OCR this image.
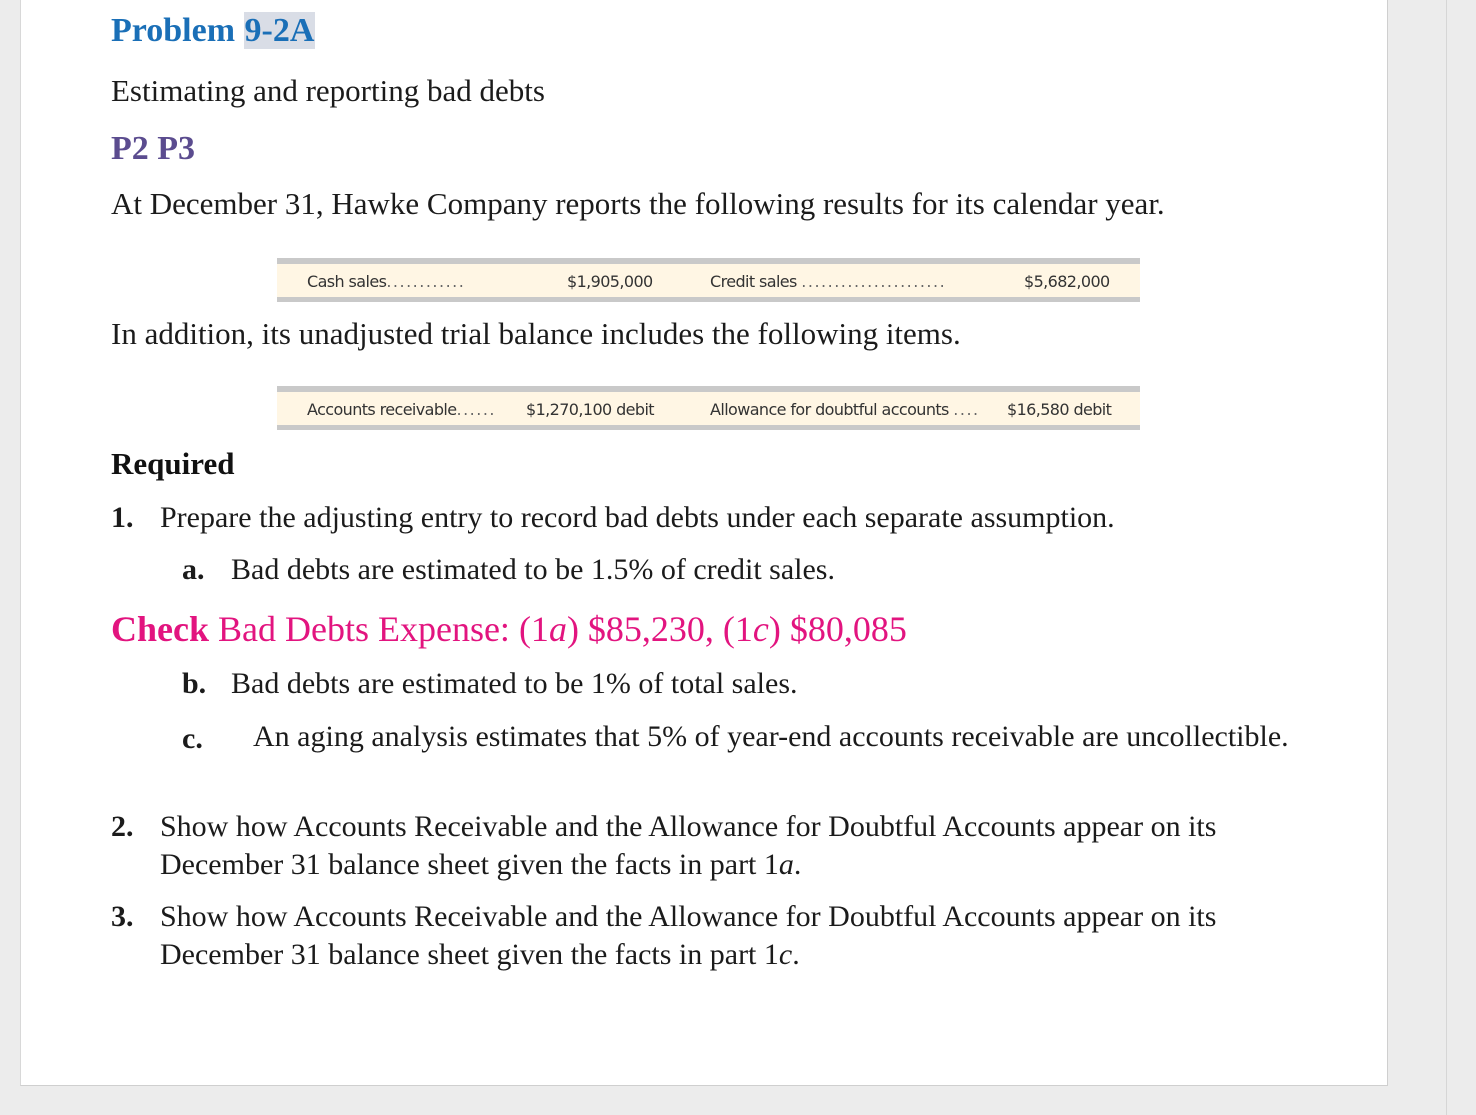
Problem 9-2A
Estimating and reporting bad debts
P2 P3
At December 31, Hawke Company reports the following results for its calendar year.
Cash sales............	$1,905,000	Credit sales ......................	$5,682,000
In addition, its unadjusted trial balance includes the following items.
Accounts receivable...... $1,270,100 debit	Allowance for doubtful accounts .... $16,580 debit
Required
1. Prepare the adjusting entry to record bad debts under each separate assumption.
a. Bad debts are estimated to be 1.5% of credit sales.
Check Bad Debts Expense: (1a) $85,230, (1c) $80,085
b. Bad debts are estimated to be 1% of total sales.
c.	An aging analysis estimates that 5% of year-end accounts receivable are uncollectible.
2. Show how Accounts Receivable and the Allowance for Doubtful Accounts appear on its December 31 balance sheet given the facts in part 1a.
3. Show how Accounts Receivable and the Allowance for Doubtful Accounts appear on its December 31 balance sheet given the facts in part 1c.
